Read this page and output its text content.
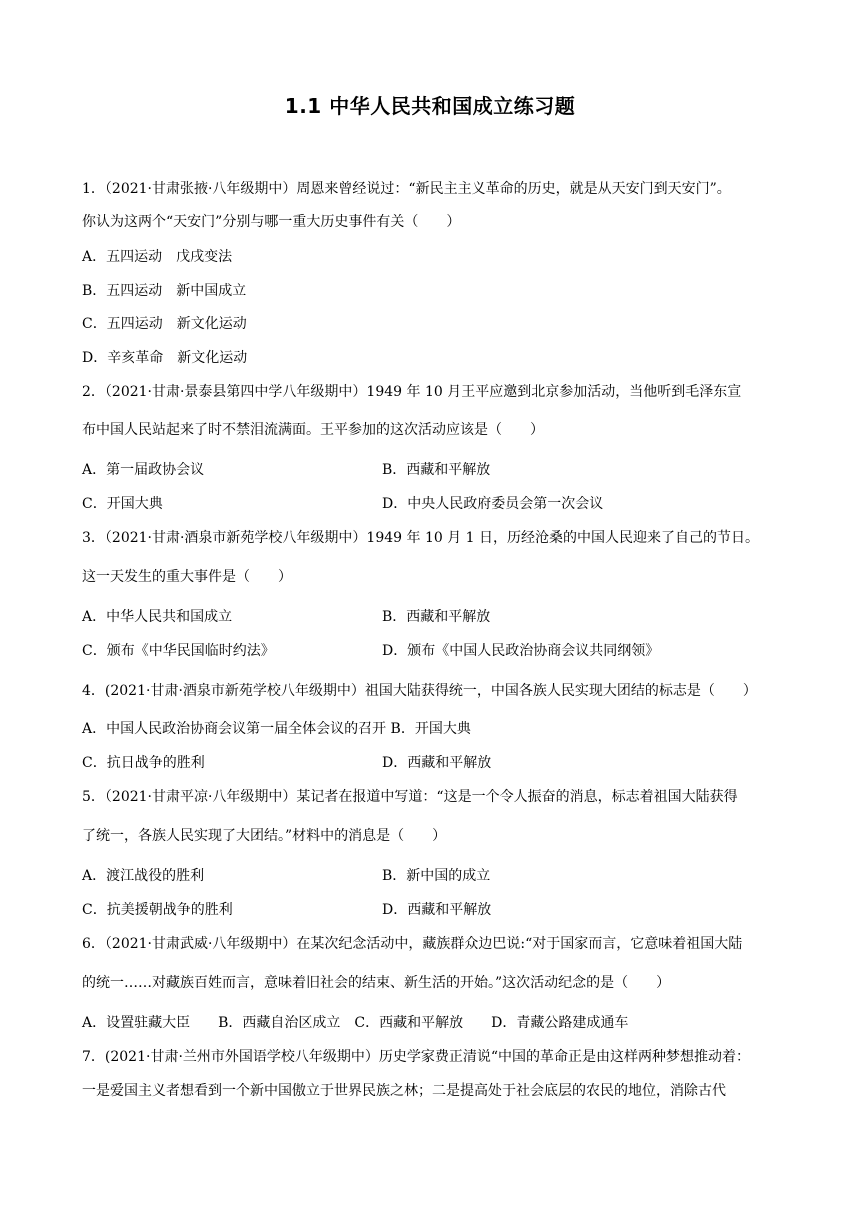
1.1 中华人民共和国成立练习题
1．（2021·甘肃张掖·八年级期中）周恩来曾经说过：“新民主主义革命的历史，就是从天安门到天安门”。
你认为这两个“天安门”分别与哪一重大历史事件有关（　　）
A．五四运动　戊戌变法
B．五四运动　新中国成立
C．五四运动　新文化运动
D．辛亥革命　新文化运动
2．（2021·甘肃·景泰县第四中学八年级期中）1949 年 10 月王平应邀到北京参加活动，当他听到毛泽东宣
布中国人民站起来了时不禁泪流满面。王平参加的这次活动应该是（　　）
A．第一届政协会议	B．西藏和平解放
C．开国大典	D．中央人民政府委员会第一次会议
3．（2021·甘肃·酒泉市新苑学校八年级期中）1949 年 10 月 1 日，历经沧桑的中国人民迎来了自己的节日。
这一天发生的重大事件是（　　）
A．中华人民共和国成立	B．西藏和平解放
C．颁布《中华民国临时约法》	D．颁布《中国人民政治协商会议共同纲领》
4．(2021·甘肃·酒泉市新苑学校八年级期中）祖国大陆获得统一，中国各族人民实现大团结的标志是（　　）
A．中国人民政治协商会议第一届全体会议的召开 B．开国大典
C．抗日战争的胜利	D．西藏和平解放
5．（2021·甘肃平凉·八年级期中）某记者在报道中写道：“这是一个令人振奋的消息，标志着祖国大陆获得
了统一，各族人民实现了大团结。”材料中的消息是（　　）
A．渡江战役的胜利	B．新中国的成立
C．抗美援朝战争的胜利	D．西藏和平解放
6．（2021·甘肃武威·八年级期中）在某次纪念活动中，藏族群众边巴说:“对于国家而言，它意味着祖国大陆
的统一……对藏族百姓而言，意味着旧社会的结束、新生活的开始。”这次活动纪念的是（　　）
A．设置驻藏大臣　　B．西藏自治区成立　C．西藏和平解放　　D．青藏公路建成通车
7．(2021·甘肃·兰州市外国语学校八年级期中）历史学家费正清说“中国的革命正是由这样两种梦想推动着：
一是爱国主义者想看到一个新中国傲立于世界民族之林；二是提高处于社会底层的农民的地位，消除古代
